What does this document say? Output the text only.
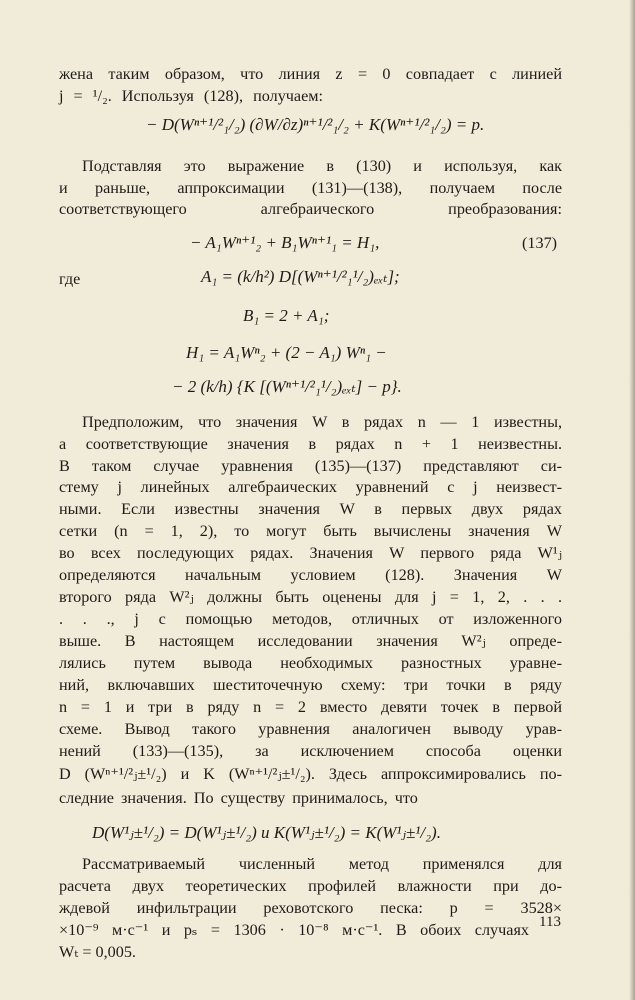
жена таким образом, что линия z = 0 совпадает с линией
j = ¹/₂. Используя (128), получаем:
− D(Wⁿ⁺¹/²₁/₂) (∂W/∂z)ⁿ⁺¹/²₁/₂ + K(Wⁿ⁺¹/²₁/₂) = p.
Подставляя это выражение в (130) и используя, как
и раньше, аппроксимации (131)—(138), получаем после
соответствующего алгебраического преобразования:
− A₁Wⁿ⁺¹₂ + B₁Wⁿ⁺¹₁ = H₁,	(137)
где	A₁ = (k/h²) D[(Wⁿ⁺¹/²₁¹/₂)ₑₓₜ];
B₁ = 2 + A₁;
H₁ = A₁Wⁿ₂ + (2 − A₁) Wⁿ₁ −
− 2 (k/h) {K [(Wⁿ⁺¹/²₁¹/₂)ₑₓₜ] − p}.
Предположим, что значения W в рядах n — 1 известны,
а соответствующие значения в рядах n + 1 неизвестны.
В таком случае уравнения (135)—(137) представляют си-
стему j линейных алгебраических уравнений с j неизвест-
ными. Если известны значения W в первых двух рядах
сетки (n = 1, 2), то могут быть вычислены значения W
во всех последующих рядах. Значения W первого ряда W¹ⱼ
определяются начальным условием (128). Значения W
второго ряда W²ⱼ должны быть оценены для j = 1, 2, . . .
. . ., j с помощью методов, отличных от изложенного
выше. В настоящем исследовании значения W²ⱼ опреде-
лялись путем вывода необходимых разностных уравне-
ний, включавших шеститочечную схему: три точки в ряду
n = 1 и три в ряду n = 2 вместо девяти точек в первой
схеме. Вывод такого уравнения аналогичен выводу урав-
нений (133)—(135), за исключением способа оценки
D (Wⁿ⁺¹/²ⱼ±¹/₂) и K (Wⁿ⁺¹/²ⱼ±¹/₂). Здесь аппроксимировались по-
следние значения. По существу принималось, что
D(W¹ⱼ±¹/₂) = D(W¹ⱼ±¹/₂) и K(W¹ⱼ±¹/₂) = K(W¹ⱼ±¹/₂).
Рассматриваемый численный метод применялся для
расчета двух теоретических профилей влажности при до-
ждевой инфильтрации реховотского песка: p = 3528×
×10⁻⁹ м·с⁻¹ и pₛ = 1306 · 10⁻⁸ м·с⁻¹. В обоих случаях
Wₜ = 0,005.
113
